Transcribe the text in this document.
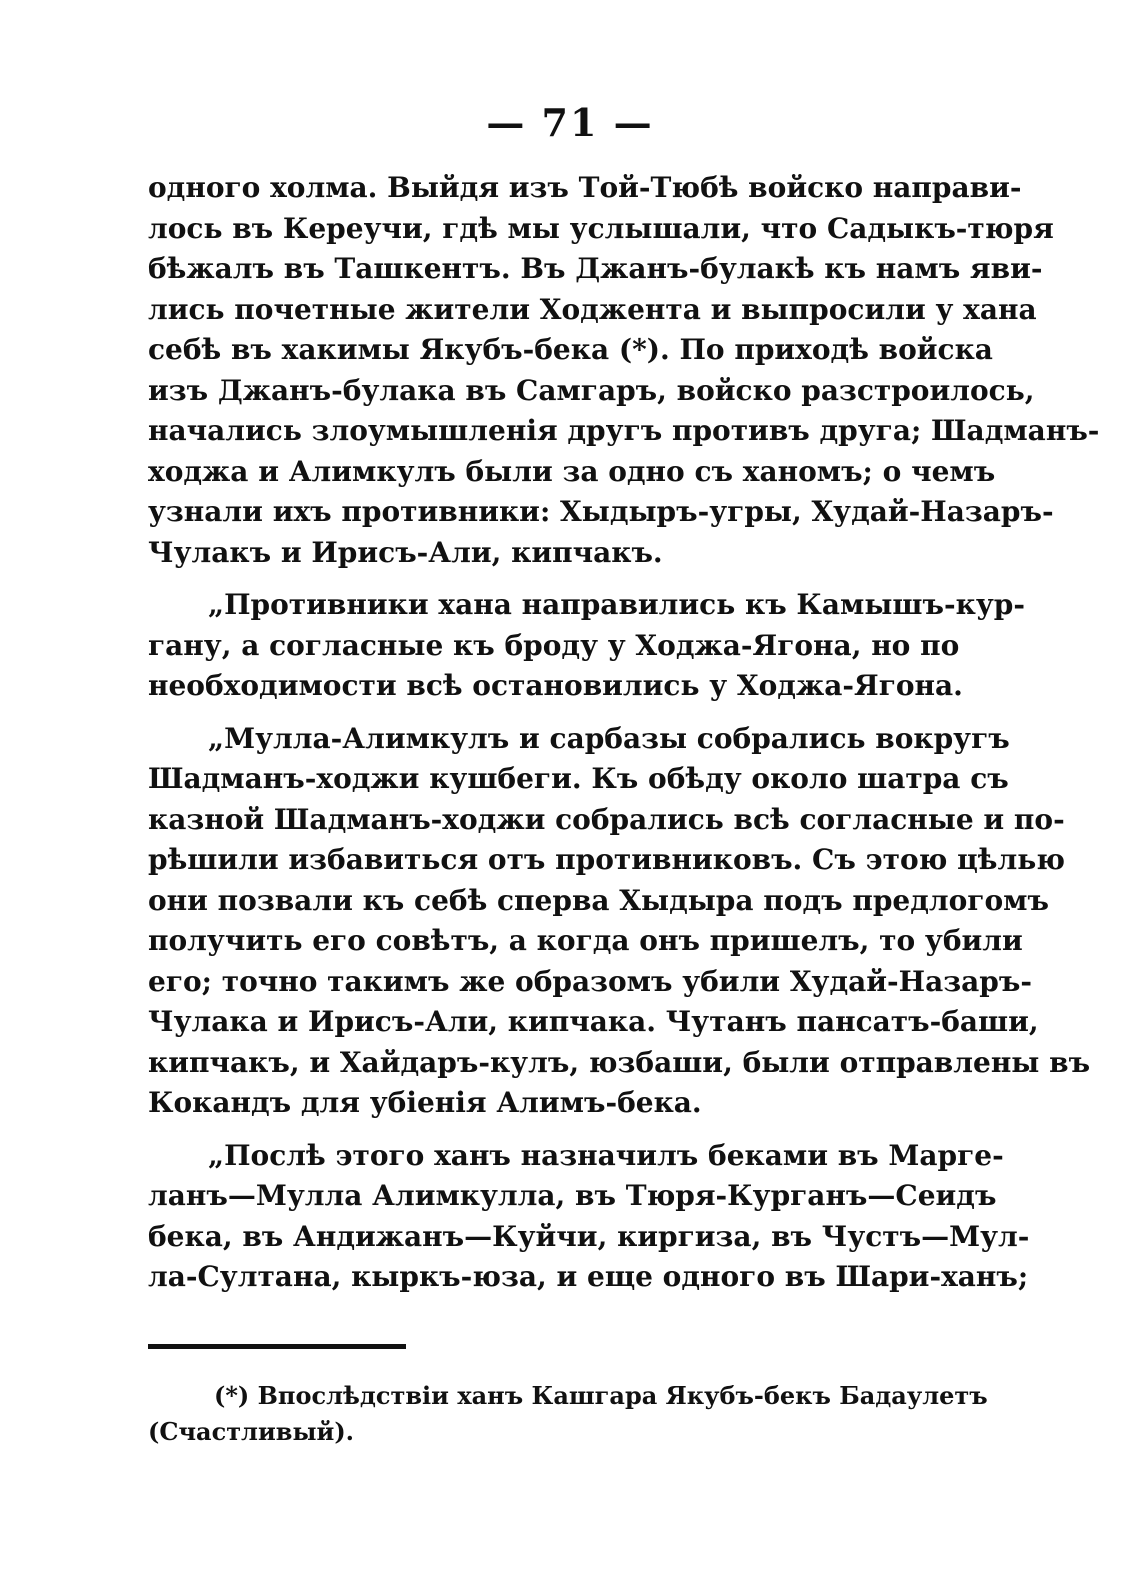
— 71 —
одного холма. Выйдя изъ Той-Тюбѣ войско направи-
лось въ Кереучи, гдѣ мы услышали, что Садыкъ-тюря
бѣжалъ въ Ташкентъ. Въ Джанъ-булакѣ къ намъ яви-
лись почетные жители Ходжента и выпросили у хана
себѣ въ хакимы Якубъ-бека (*). По приходѣ войска
изъ Джанъ-булака въ Самгаръ, войско разстроилось,
начались злоумышленія другъ противъ друга; Шадманъ-
ходжа и Алимкулъ были за одно съ ханомъ; о чемъ
узнали ихъ противники: Хыдыръ-угры, Худай-Назаръ-
Чулакъ и Ирисъ-Али, кипчакъ.
„Противники хана направились къ Камышъ-кур-
гану, а согласные къ броду у Ходжа-Ягона, но по
необходимости всѣ остановились у Ходжа-Ягона.
„Мулла-Алимкулъ и сарбазы собрались вокругъ
Шадманъ-ходжи кушбеги. Къ обѣду около шатра съ
казной Шадманъ-ходжи собрались всѣ согласные и по-
рѣшили избавиться отъ противниковъ. Съ этою цѣлью
они позвали къ себѣ сперва Хыдыра подъ предлогомъ
получить его совѣтъ, а когда онъ пришелъ, то убили
его; точно такимъ же образомъ убили Худай-Назаръ-
Чулака и Ирисъ-Али, кипчака. Чутанъ пансатъ-баши,
кипчакъ, и Хайдаръ-кулъ, юзбаши, были отправлены въ
Кокандъ для убіенія Алимъ-бека.
„Послѣ этого ханъ назначилъ беками въ Марге-
ланъ—Мулла Алимкулла, въ Тюря-Курганъ—Сеидъ
бека, въ Андижанъ—Куйчи, киргиза, въ Чустъ—Мул-
ла-Султана, кыркъ-юза, и еще одного въ Шари-ханъ;
(*) Впослѣдствіи ханъ Кашгара Якубъ-бекъ Бадаулетъ
(Счастливый).
